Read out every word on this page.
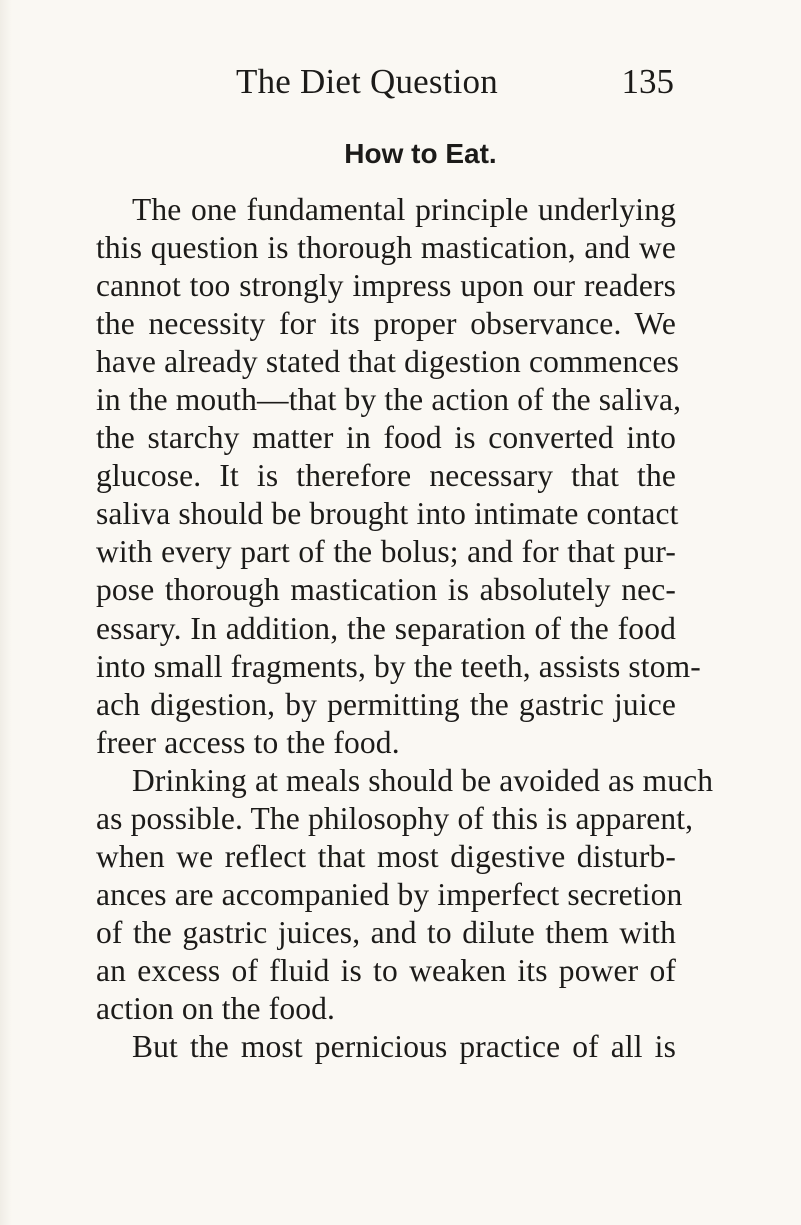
The Diet Question	135
How to Eat.
The one fundamental principle underlying
this question is thorough mastication, and we
cannot too strongly impress upon our readers
the necessity for its proper observance. We
have already stated that digestion commences
in the mouth—that by the action of the saliva,
the starchy matter in food is converted into
glucose. It is therefore necessary that the
saliva should be brought into intimate contact
with every part of the bolus; and for that pur-
pose thorough mastication is absolutely nec-
essary. In addition, the separation of the food
into small fragments, by the teeth, assists stom-
ach digestion, by permitting the gastric juice
freer access to the food.
Drinking at meals should be avoided as much
as possible. The philosophy of this is apparent,
when we reflect that most digestive disturb-
ances are accompanied by imperfect secretion
of the gastric juices, and to dilute them with
an excess of fluid is to weaken its power of
action on the food.
But the most pernicious practice of all is
